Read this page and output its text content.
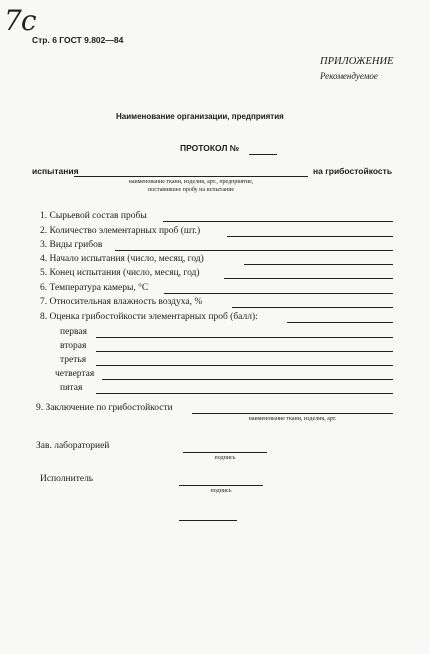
7c
Стр. 6 ГОСТ 9.802—84
ПРИЛОЖЕНИЕ
Рекомендуемое
Наименование организации, предприятия
ПРОТОКОЛ №
испытания	на грибостойкость
наименование ткани, изделия, арт., предприятие,
поставившее пробу на испытание
1. Сырьевой состав пробы
2. Количество элементарных проб (шт.)
3. Виды грибов
4. Начало испытания (число, месяц, год)
5. Конец испытания (число, месяц, год)
6. Температура камеры, °С
7. Относительная влажность воздуха, %
8. Оценка грибостойкости элементарных проб (балл):
первая
вторая
третья
четвертая
пятая
9. Заключение по грибостойкости
наименование ткани, изделия, арт.
Зав. лабораторией
подпись
Исполнитель
подпись
